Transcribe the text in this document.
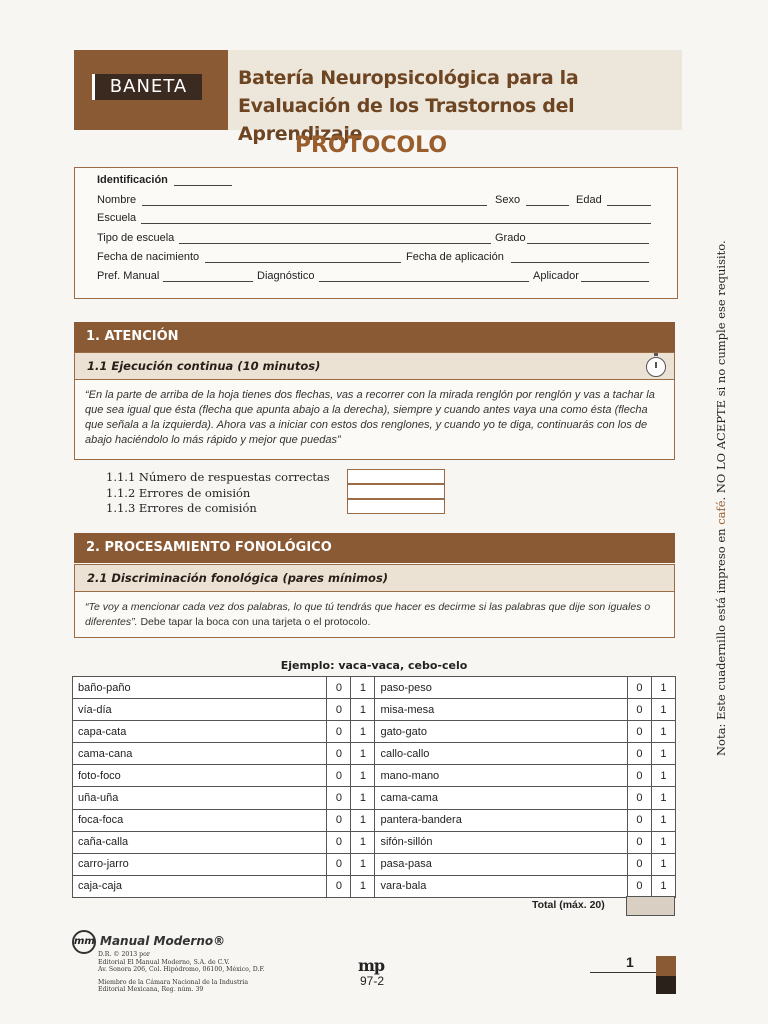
BANETA	Batería Neuropsicológica para la
Evaluación de los Trastornos del Aprendizaje
PROTOCOLO
Identificación
Nombre	Sexo	Edad
Escuela
Tipo de escuela	Grado
Fecha de nacimiento	Fecha de aplicación
Pref. Manual	Diagnóstico	Aplicador
1. ATENCIÓN
1.1 Ejecución continua (10 minutos)
“En la parte de arriba de la hoja tienes dos flechas, vas a recorrer con la mirada renglón por renglón y vas a tachar la que sea igual que ésta (flecha que apunta abajo a la derecha), siempre y cuando antes vaya una como ésta (flecha que señala a la izquierda). Ahora vas a iniciar con estos dos renglones, y cuando yo te diga, continuarás con los de abajo haciéndolo lo más rápido y mejor que puedas”
1.1.1 Número de respuestas correctas
1.1.2 Errores de omisión
1.1.3 Errores de comisión
2. PROCESAMIENTO FONOLÓGICO
2.1 Discriminación fonológica (pares mínimos)
“Te voy a mencionar cada vez dos palabras, lo que tú tendrás que hacer es decirme si las palabras que dije son iguales o diferentes”. Debe tapar la boca con una tarjeta o el protocolo.
Ejemplo: vaca-vaca, cebo-celo
baño-paño	0	1	paso-peso	0	1
vía-día	0	1	misa-mesa	0	1
capa-cata	0	1	gato-gato	0	1
cama-cana	0	1	callo-callo	0	1
foto-foco	0	1	mano-mano	0	1
uña-uña	0	1	cama-cama	0	1
foca-foca	0	1	pantera-bandera	0	1
caña-calla	0	1	sifón-sillón	0	1
carro-jarro	0	1	pasa-pasa	0	1
caja-caja	0	1	vara-bala	0	1
Total (máx. 20)
mm Manual Moderno®
D.R. © 2013 por
Editorial El Manual Moderno, S.A. de C.V.
Av. Sonora 206, Col. Hipódromo, 06100, México, D.F.
Miembro de la Cámara Nacional de la Industria
Editorial Mexicana, Reg. núm. 39
mp
97-2
1
Nota: Este cuadernillo está impreso en café. NO LO ACEPTE si no cumple ese requisito.
